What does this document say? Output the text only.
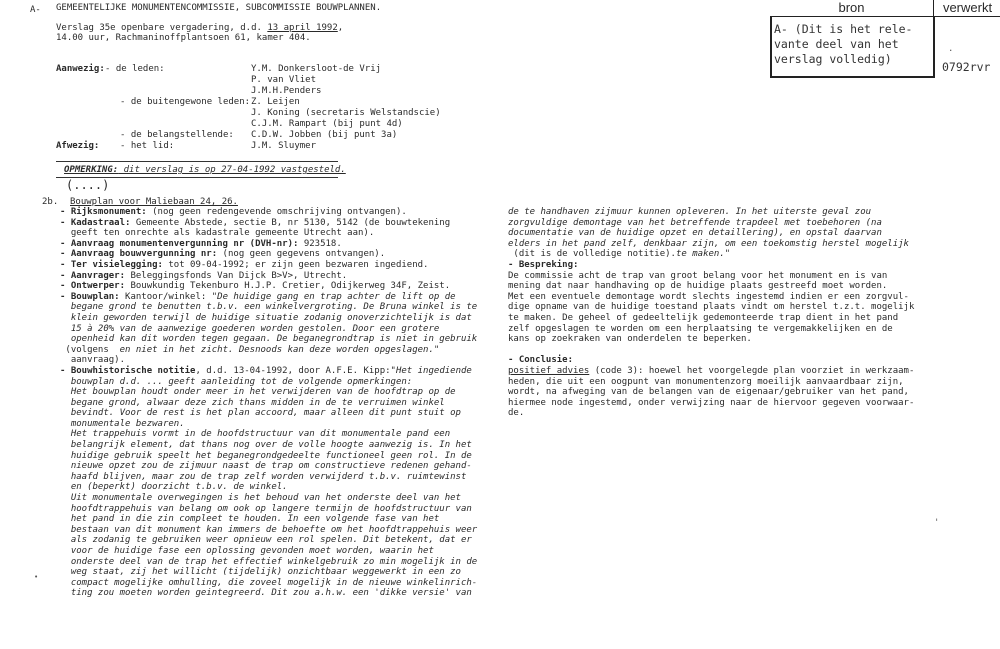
A- GEMEENTELIJKE MONUMENTENCOMMISSIE, SUBCOMMISSIE BOUWPLANNEN.
Verslag 35e openbare vergadering, d.d. 13 april 1992,
14.00 uur, Rachmaninoffplantsoen 61, kamer 404.
bron	verwerkt
A- (Dit is het rele-
vante deel van het
verslag volledig)
0792rvr
Aanwezig: - de leden:	Y.M. Donkersloot-de Vrij
P. van Vliet
J.M.H.Penders
- de buitengewone leden: Z. Leijen
J. Koning (secretaris Welstandscie)
C.J.M. Rampart (bij punt 4d)
- de belangstellende: C.D.W. Jobben (bij punt 3a)
Afwezig: - het lid:	J.M. Sluymer
OPMERKING: dit verslag is op 27-04-1992 vastgesteld.
(....)
2b. Bouwplan voor Maliebaan 24, 26.
- Rijksmonument: (nog geen redengevende omschrijving ontvangen).
- Kadastraal: Gemeente Abstede, sectie B, nr 5130, 5142 (de bouwtekening
geeft ten onrechte als kadastrale gemeente Utrecht aan).
- Aanvraag monumentenvergunning nr (DVH-nr): 923518.
- Aanvraag bouwvergunning nr: (nog geen gegevens ontvangen).
- Ter visielegging: tot 09-04-1992; er zijn geen bezwaren ingediend.
- Aanvrager: Beleggingsfonds Van Dijck B>V>, Utrecht.
- Ontwerper: Bouwkundig Tekenburo H.J.P. Cretier, Odijkerweg 34F, Zeist.
- Bouwplan: Kantoor/winkel: "De huidige gang en trap achter de lift op de
begane grond te benutten t.b.v. een winkelvergroting. De Bruna winkel is te
klein geworden terwijl de huidige situatie zodanig onoverzichtelijk is dat
15 à 20% van de aanwezige goederen worden gestolen. Door een grotere
openheid kan dit worden tegen gegaan. De beganegrondtrap is niet in gebruik
(volgens  en niet in het zicht. Desnoods kan deze worden opgeslagen."
aanvraag).
- Bouwhistorische notitie, d.d. 13-04-1992, door A.F.E. Kipp:"Het ingediende
bouwplan d.d. ... geeft aanleiding tot de volgende opmerkingen:
Het bouwplan houdt onder meer in het verwijderen van de hoofdtrap op de
begane grond, alwaar deze zich thans midden in de te verruimen winkel
bevindt. Voor de rest is het plan accoord, maar alleen dit punt stuit op
monumentale bezwaren.
Het trappehuis vormt in de hoofdstructuur van dit monumentale pand een
belangrijk element, dat thans nog over de volle hoogte aanwezig is. In het
huidige gebruik speelt het beganegrondgedeelte functioneel geen rol. In de
nieuwe opzet zou de zijmuur naast de trap om constructieve redenen gehand-
haafd blijven, maar zou de trap zelf worden verwijderd t.b.v. ruimtewinst
en (beperkt) doorzicht t.b.v. de winkel.
Uit monumentale overwegingen is het behoud van het onderste deel van het
hoofdtrappehuis van belang om ook op langere termijn de hoofdstructuur van
het pand in die zin compleet te houden. In een volgende fase van het
bestaan van dit monument kan immers de behoefte om het hoofdtrappehuis weer
als zodanig te gebruiken weer opnieuw een rol spelen. Dit betekent, dat er
voor de huidige fase een oplossing gevonden moet worden, waarin het
onderste deel van de trap het effectief winkelgebruik zo min mogelijk in de
weg staat, zij het willicht (tijdelijk) onzichtbaar weggewerkt in een zo
compact mogelijke omhulling, die zoveel mogelijk in de nieuwe winkelinrich-
ting zou moeten worden geintegreerd. Dit zou a.h.w. een 'dikke versie' van
de te handhaven zijmuur kunnen opleveren. In het uiterste geval zou
zorgvuldige demontage van het betreffende trapdeel met toebehoren (na
documentatie van de huidige opzet en detaillering), en opstal daarvan
elders in het pand zelf, denkbaar zijn, om een toekomstig herstel mogelijk
(dit is de volledige notitie).te maken."
- Bespreking:
De commissie acht de trap van groot belang voor het monument en is van
mening dat naar handhaving op de huidige plaats gestreefd moet worden.
Met een eventuele demontage wordt slechts ingestemd indien er een zorgvul-
dige opname van de huidige toestand plaats vindt om herstel t.z.t. mogelijk
te maken. De geheel of gedeeltelijk gedemonteerde trap dient in het pand
zelf opgeslagen te worden om een herplaatsing te vergemakkelijken en de
kans op zoekraken van onderdelen te beperken.
- Conclusie:
positief advies (code 3): hoewel het voorgelegde plan voorziet in werkzaam-
heden, die uit een oogpunt van monumentenzorg moeilijk aanvaardbaar zijn,
wordt, na afweging van de belangen van de eigenaar/gebruiker van het pand,
hiermee node ingestemd, onder verwijzing naar de hiervoor gegeven voorwaar-
de.
•
'
.
